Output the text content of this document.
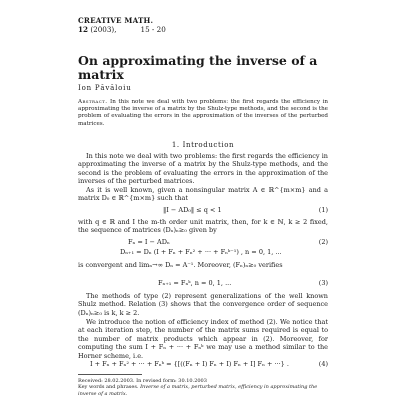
CREATIVE MATH.
12 (2003),	15 - 20
On approximating the inverse of a matrix
Ion Păvăloiu
Abstract. In this note we deal with two problems: the first regards the efficiency in approximating the inverse of a matrix by the Shulz-type methods, and the second is the problem of evaluating the errors in the approximation of the inverses of the perturbed matrices.
1. Introduction

In this note we deal with two problems: the first regards the efficiency in approximating the inverse of a matrix by the Shulz-type methods, and the second is the problem of evaluating the errors in the approximation of the inverses of the perturbed matrices.

As it is well known, given a nonsingular matrix A ∈ ℝ^{m×m} and a matrix D₀ ∈ ℝ^{m×m} such that

‖I − AD₀‖ ≤ q < 1	(1)

with q ∈ ℝ and I the m-th order unit matrix, then, for k ∈ ℕ, k ≥ 2 fixed, the sequence of matrices (Dₙ)ₙ≥₀ given by

Fₙ = I − ADₙ
Dₙ₊₁ = Dₙ (I + Fₙ + Fₙ² + ··· + Fₙᵏ⁻¹) , n = 0, 1, ...
(2)

is convergent and limₙ→∞ Dₙ = A⁻¹. Moreover, (Fₙ)ₙ≥₀ verifies

Fₙ₊₁ = Fₙᵏ, n = 0, 1, ...	(3)

The methods of type (2) represent generalizations of the well known Shulz method. Relation (3) shows that the convergence order of sequence (Dₙ)ₙ≥₀ is k, k ≥ 2.

We introduce the notion of efficiency index of method (2). We notice that at each iteration step, the number of the matrix sums required is equal to the number of matrix products which appear in (2). Moreover, for computing the sum I + Fₙ + ··· + Fₙᵏ we may use a method similar to the Horner scheme, i.e.

I + Fₙ + Fₙ² + ··· + Fₙᵏ = {[((Fₙ + I) Fₙ + I) Fₙ + I] Fₙ + ···} .	(4)
Received: 28.02.2003. In revised form: 30.10.2003
Key words and phrases. Inverse of a matrix, perturbed matrix, efficiency in approximating the inverse of a matrix.
